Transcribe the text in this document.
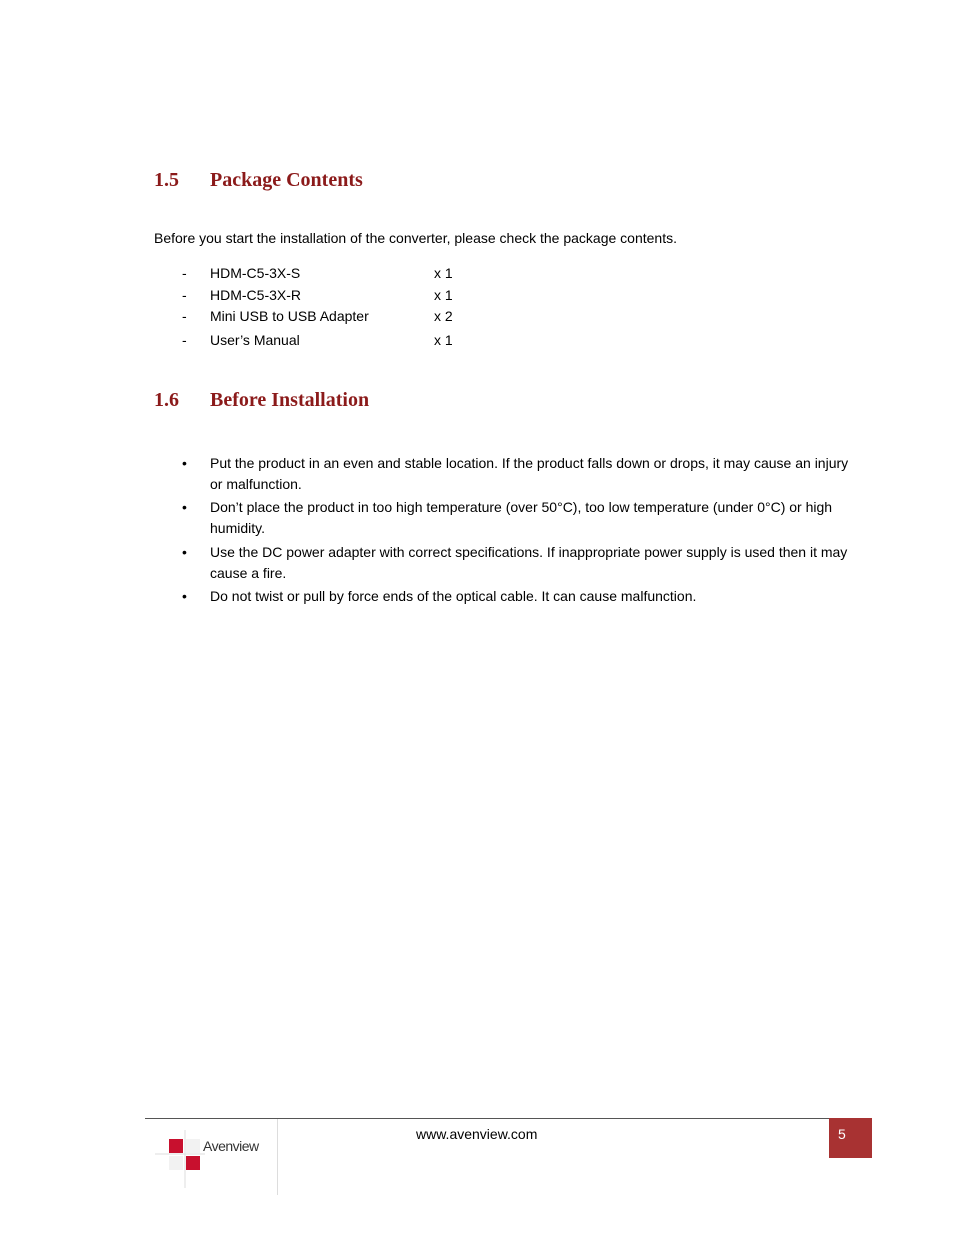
1.5 Package Contents
Before you start the installation of the converter, please check the package contents.
- HDM-C5-3X-S	x 1
- HDM-C5-3X-R	x 1
- Mini USB to USB Adapter	x 2
- User’s Manual	x 1
1.6 Before Installation
• Put the product in an even and stable location. If the product falls down or drops, it may cause an injury or malfunction.
• Don’t place the product in too high temperature (over 50°C), too low temperature (under 0°C) or high humidity.
• Use the DC power adapter with correct specifications. If inappropriate power supply is used then it may cause a fire.
• Do not twist or pull by force ends of the optical cable. It can cause malfunction.
Avenview
www.avenview.com	5
